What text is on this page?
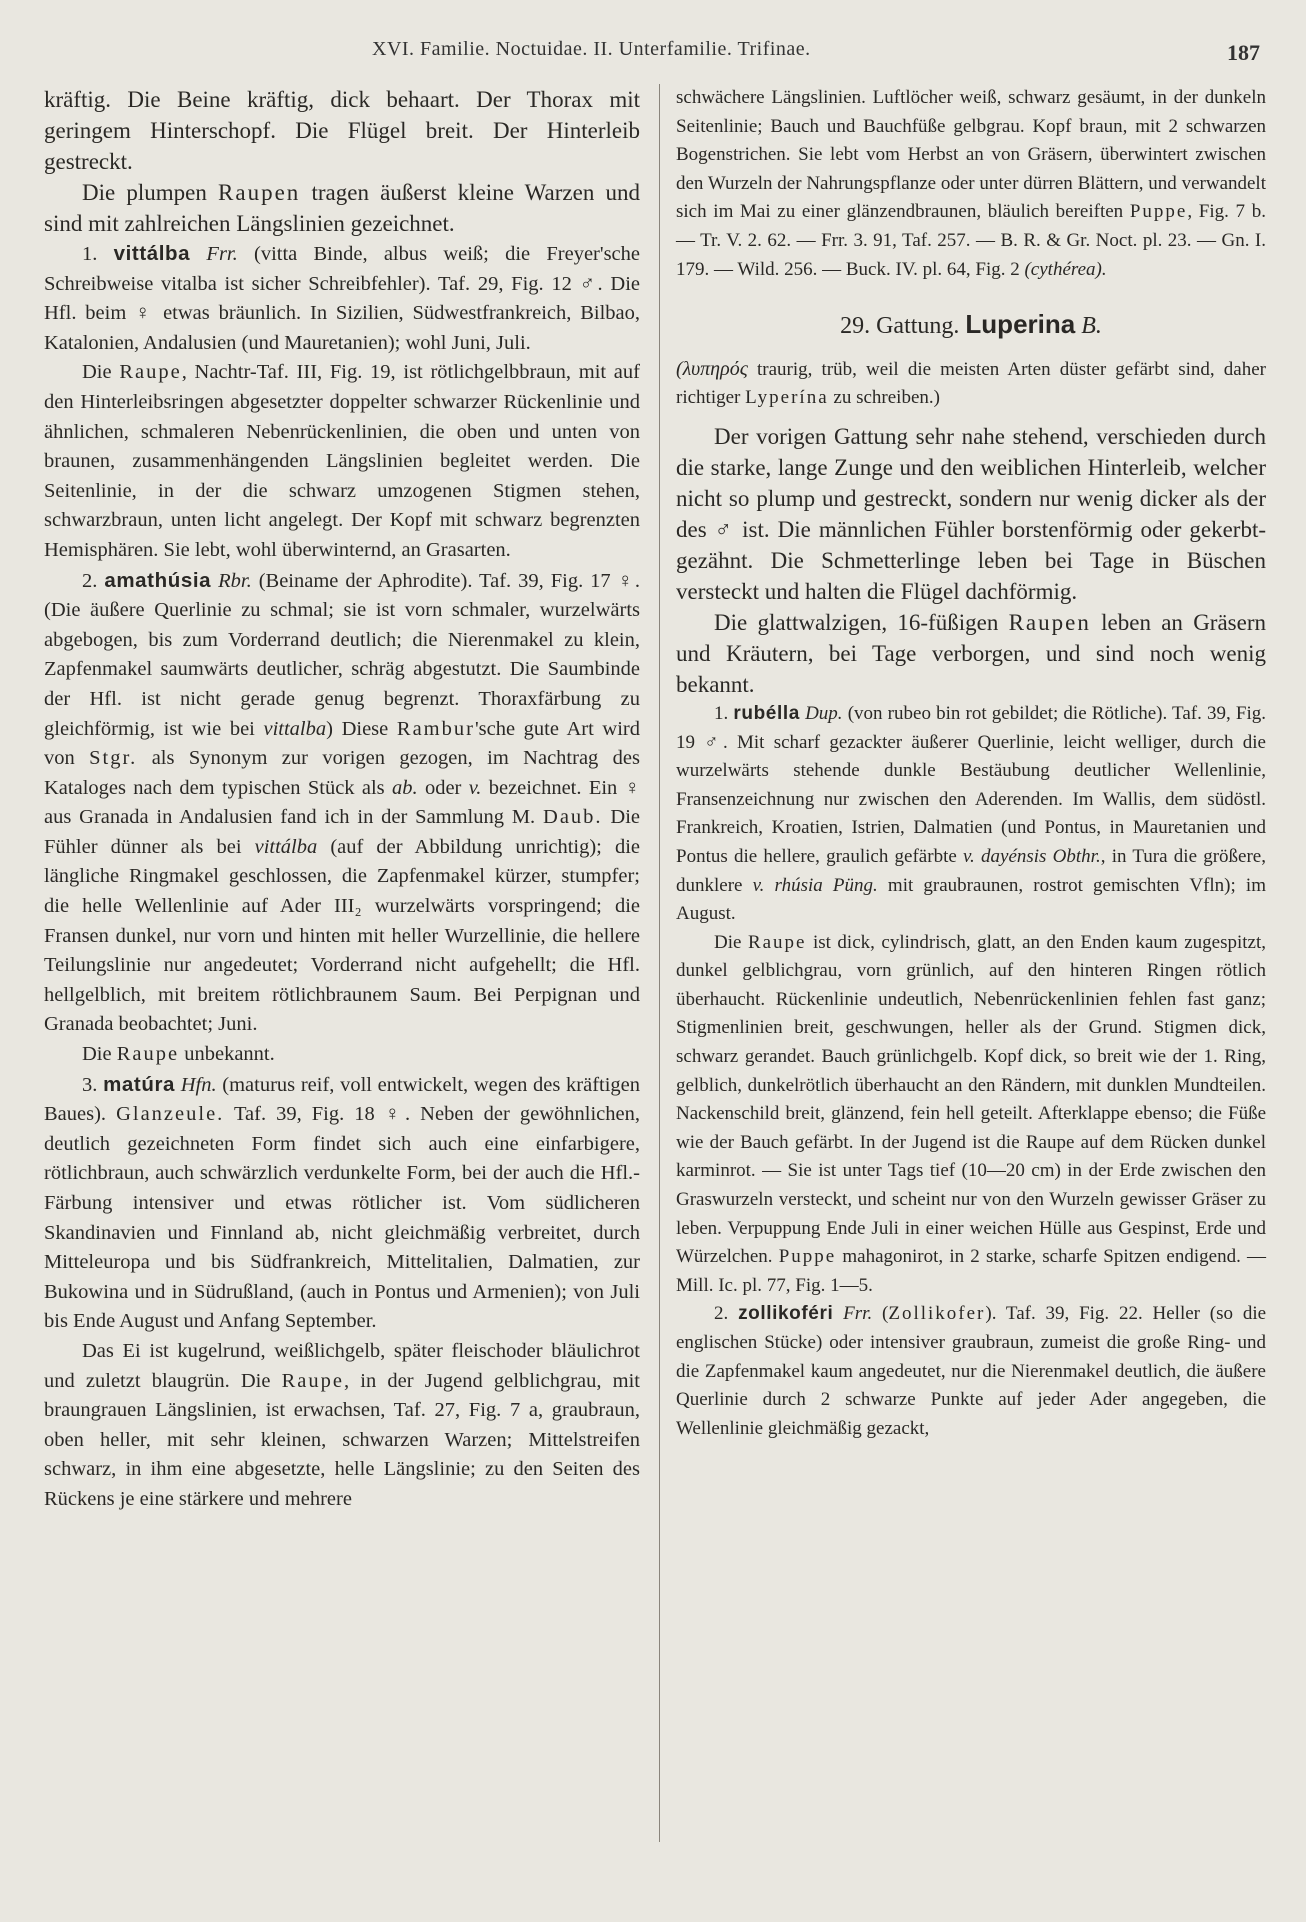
XVI. Familie. Noctuidae. II. Unterfamilie. Trifinae.	187

kräftig. Die Beine kräftig, dick behaart. Der Thorax mit geringem Hinterschopf. Die Flügel breit. Der Hinterleib gestreckt.

Die plumpen Raupen tragen äußerst kleine Warzen und sind mit zahlreichen Längslinien gezeichnet.

1. vittálba Frr. (vitta Binde, albus weiß; die Freyer'sche Schreibweise vitalba ist sicher Schreibfehler). Taf. 29, Fig. 12 ♂. Die Hfl. beim ♀ etwas bräunlich. In Sizilien, Südwestfrankreich, Bilbao, Katalonien, Andalusien (und Mauretanien); wohl Juni, Juli.

Die Raupe, Nachtr-Taf. III, Fig. 19, ist rötlichgelbbraun, mit auf den Hinterleibsringen abgesetzter doppelter schwarzer Rückenlinie und ähnlichen, schmaleren Nebenrückenlinien, die oben und unten von braunen, zusammenhängenden Längslinien begleitet werden. Die Seitenlinie, in der die schwarz umzogenen Stigmen stehen, schwarzbraun, unten licht angelegt. Der Kopf mit schwarz begrenzten Hemisphären. Sie lebt, wohl überwinternd, an Grasarten.

2. amathúsia Rbr. (Beiname der Aphrodite). Taf. 39, Fig. 17 ♀. (Die äußere Querlinie zu schmal; sie ist vorn schmaler, wurzelwärts abgebogen, bis zum Vorderrand deutlich; die Nierenmakel zu klein, Zapfenmakel saumwärts deutlicher, schräg abgestutzt. Die Saumbinde der Hfl. ist nicht gerade genug begrenzt. Thoraxfärbung zu gleichförmig, ist wie bei vittalba) Diese Rambur'sche gute Art wird von Stgr. als Synonym zur vorigen gezogen, im Nachtrag des Kataloges nach dem typischen Stück als ab. oder v. bezeichnet. Ein ♀ aus Granada in Andalusien fand ich in der Sammlung M. Daub. Die Fühler dünner als bei vittálba (auf der Abbildung unrichtig); die längliche Ringmakel geschlossen, die Zapfenmakel kürzer, stumpfer; die helle Wellenlinie auf Ader III₂ wurzelwärts vorspringend; die Fransen dunkel, nur vorn und hinten mit heller Wurzellinie, die hellere Teilungslinie nur angedeutet; Vorderrand nicht aufgehellt; die Hfl. hellgelblich, mit breitem rötlichbraunem Saum. Bei Perpignan und Granada beobachtet; Juni.

Die Raupe unbekannt.

3. matúra Hfn. (maturus reif, voll entwickelt, wegen des kräftigen Baues). Glanzeule. Taf. 39, Fig. 18 ♀. Neben der gewöhnlichen, deutlich gezeichneten Form findet sich auch eine einfarbigere, rötlichbraun, auch schwärzlich verdunkelte Form, bei der auch die Hfl.-Färbung intensiver und etwas rötlicher ist. Vom südlicheren Skandinavien und Finnland ab, nicht gleichmäßig verbreitet, durch Mitteleuropa und bis Südfrankreich, Mittelitalien, Dalmatien, zur Bukowina und in Südrußland, (auch in Pontus und Armenien); von Juli bis Ende August und Anfang September.

Das Ei ist kugelrund, weißlichgelb, später fleischoder bläulichrot und zuletzt blaugrün. Die Raupe, in der Jugend gelblichgrau, mit braungrauen Längslinien, ist erwachsen, Taf. 27, Fig. 7 a, graubraun, oben heller, mit sehr kleinen, schwarzen Warzen; Mittelstreifen schwarz, in ihm eine abgesetzte, helle Längslinie; zu den Seiten des Rückens je eine stärkere und mehrere

schwächere Längslinien. Luftlöcher weiß, schwarz gesäumt, in der dunkeln Seitenlinie; Bauch und Bauchfüße gelbgrau. Kopf braun, mit 2 schwarzen Bogenstrichen. Sie lebt vom Herbst an von Gräsern, überwintert zwischen den Wurzeln der Nahrungspflanze oder unter dürren Blättern, und verwandelt sich im Mai zu einer glänzendbraunen, bläulich bereiften Puppe, Fig. 7 b. — Tr. V. 2. 62. — Frr. 3. 91, Taf. 257. — B. R. & Gr. Noct. pl. 23. — Gn. I. 179. — Wild. 256. — Buck. IV. pl. 64, Fig. 2 (cythérea).

29. Gattung. Luperina B.

(λυπηρός traurig, trüb, weil die meisten Arten düster gefärbt sind, daher richtiger Lyperína zu schreiben.)

Der vorigen Gattung sehr nahe stehend, verschieden durch die starke, lange Zunge und den weiblichen Hinterleib, welcher nicht so plump und gestreckt, sondern nur wenig dicker als der des ♂ ist. Die männlichen Fühler borstenförmig oder gekerbt-gezähnt. Die Schmetterlinge leben bei Tage in Büschen versteckt und halten die Flügel dachförmig.

Die glattwalzigen, 16-füßigen Raupen leben an Gräsern und Kräutern, bei Tage verborgen, und sind noch wenig bekannt.

1. rubélla Dup. (von rubeo bin rot gebildet; die Rötliche). Taf. 39, Fig. 19 ♂. Mit scharf gezackter äußerer Querlinie, leicht welliger, durch die wurzelwärts stehende dunkle Bestäubung deutlicher Wellenlinie, Fransenzeichnung nur zwischen den Aderenden. Im Wallis, dem südöstl. Frankreich, Kroatien, Istrien, Dalmatien (und Pontus, in Mauretanien und Pontus die hellere, graulich gefärbte v. dayénsis Obthr., in Tura die größere, dunklere v. rhúsia Püng. mit graubraunen, rostrot gemischten Vfln); im August.

Die Raupe ist dick, cylindrisch, glatt, an den Enden kaum zugespitzt, dunkel gelblichgrau, vorn grünlich, auf den hinteren Ringen rötlich überhaucht. Rückenlinie undeutlich, Nebenrückenlinien fehlen fast ganz; Stigmenlinien breit, geschwungen, heller als der Grund. Stigmen dick, schwarz gerandet. Bauch grünlichgelb. Kopf dick, so breit wie der 1. Ring, gelblich, dunkelrötlich überhaucht an den Rändern, mit dunklen Mundteilen. Nackenschild breit, glänzend, fein hell geteilt. Afterklappe ebenso; die Füße wie der Bauch gefärbt. In der Jugend ist die Raupe auf dem Rücken dunkel karminrot. — Sie ist unter Tags tief (10—20 cm) in der Erde zwischen den Graswurzeln versteckt, und scheint nur von den Wurzeln gewisser Gräser zu leben. Verpuppung Ende Juli in einer weichen Hülle aus Gespinst, Erde und Würzelchen. Puppe mahagonirot, in 2 starke, scharfe Spitzen endigend. — Mill. Ic. pl. 77, Fig. 1—5.

2. zollikoféri Frr. (Zollikofer). Taf. 39, Fig. 22. Heller (so die englischen Stücke) oder intensiver graubraun, zumeist die große Ring- und die Zapfenmakel kaum angedeutet, nur die Nierenmakel deutlich, die äußere Querlinie durch 2 schwarze Punkte auf jeder Ader angegeben, die Wellenlinie gleichmäßig gezackt,
